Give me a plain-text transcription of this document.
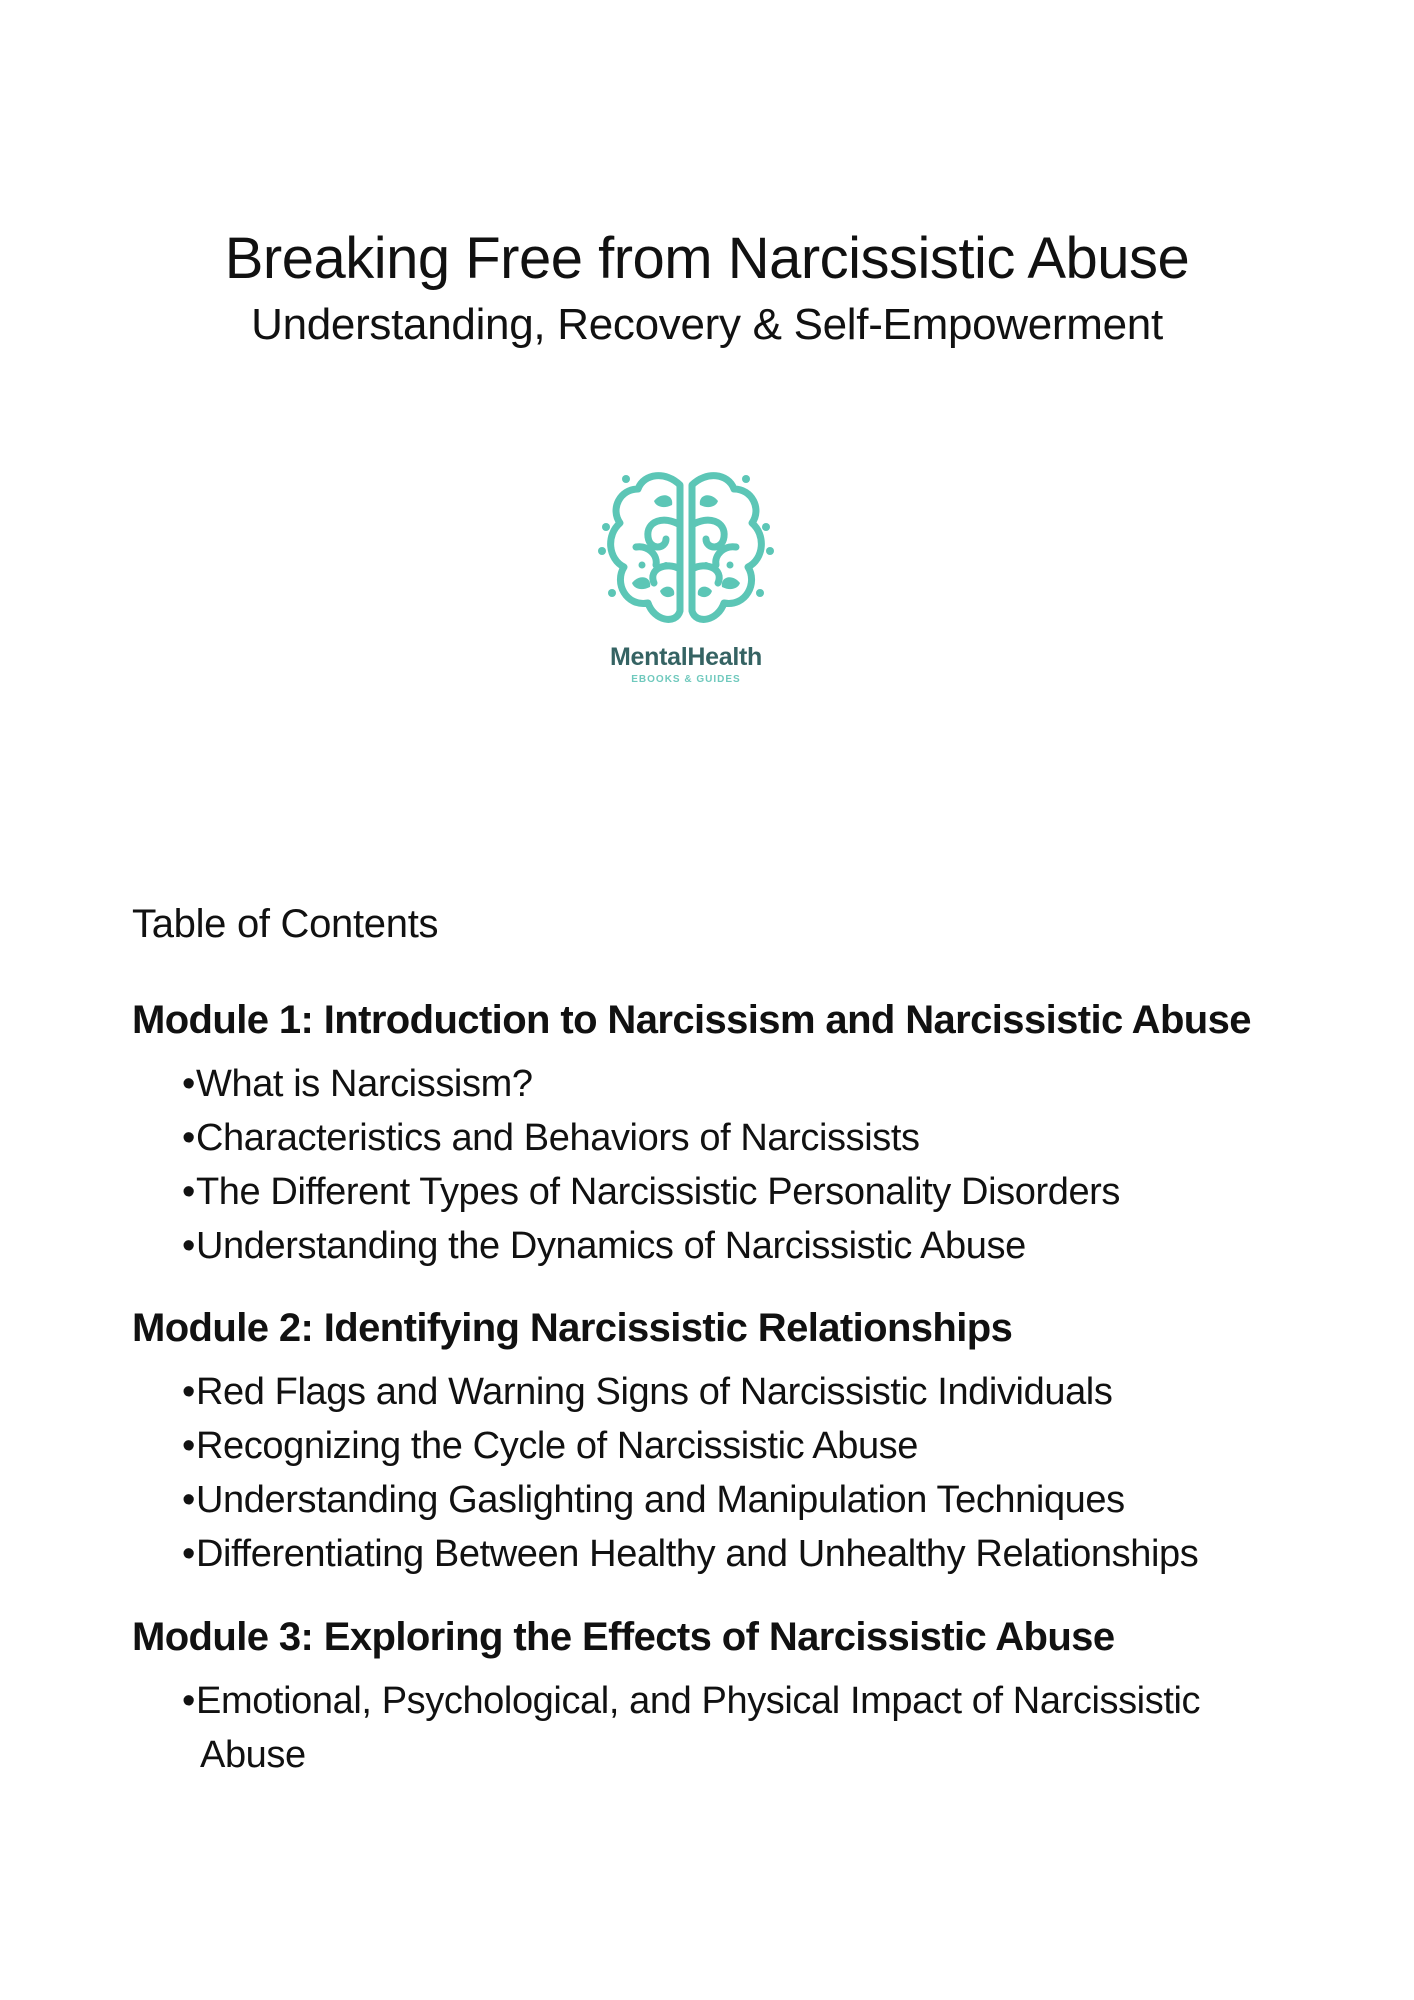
Breaking Free from Narcissistic Abuse
Understanding, Recovery & Self-Empowerment
MentalHealth
EBOOKS & GUIDES
Table of Contents
Module 1: Introduction to Narcissism and Narcissistic Abuse
•What is Narcissism?
•Characteristics and Behaviors of Narcissists
•The Different Types of Narcissistic Personality Disorders
•Understanding the Dynamics of Narcissistic Abuse
Module 2: Identifying Narcissistic Relationships
•Red Flags and Warning Signs of Narcissistic Individuals
•Recognizing the Cycle of Narcissistic Abuse
•Understanding Gaslighting and Manipulation Techniques
•Differentiating Between Healthy and Unhealthy Relationships
Module 3: Exploring the Effects of Narcissistic Abuse
•Emotional, Psychological, and Physical Impact of Narcissistic Abuse
